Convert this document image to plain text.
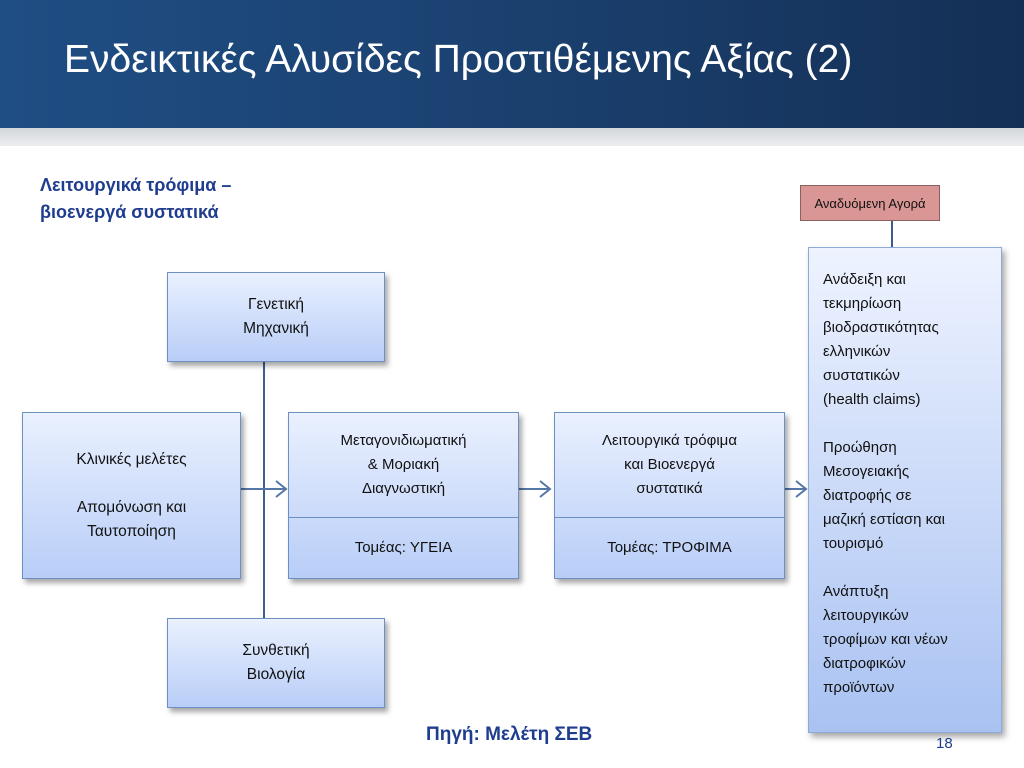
Ενδεικτικές Αλυσίδες Προστιθέμενης Αξίας (2)
Λειτουργικά τρόφιμα –
βιοενεργά συστατικά
Γενετική
Μηχανική
Κλινικές μελέτες
Απομόνωση και
Ταυτοποίηση
Μεταγονιδιωματική
& Μοριακή
Διαγνωστική
Τομέας: ΥΓΕΙΑ
Λειτουργικά τρόφιμα
και Βιοενεργά
συστατικά
Τομέας: ΤΡΟΦΙΜΑ
Συνθετική
Βιολογία
Αναδυόμενη Αγορά

Ανάδειξη και
τεκμηρίωση
βιοδραστικότητας
ελληνικών
συστατικών
(health claims)

Προώθηση
Μεσογειακής
διατροφής σε
μαζική εστίαση και
τουρισμό

Ανάπτυξη
λειτουργικών
τροφίμων και νέων
διατροφικών
προϊόντων

Πηγή: Μελέτη ΣΕΒ	18
